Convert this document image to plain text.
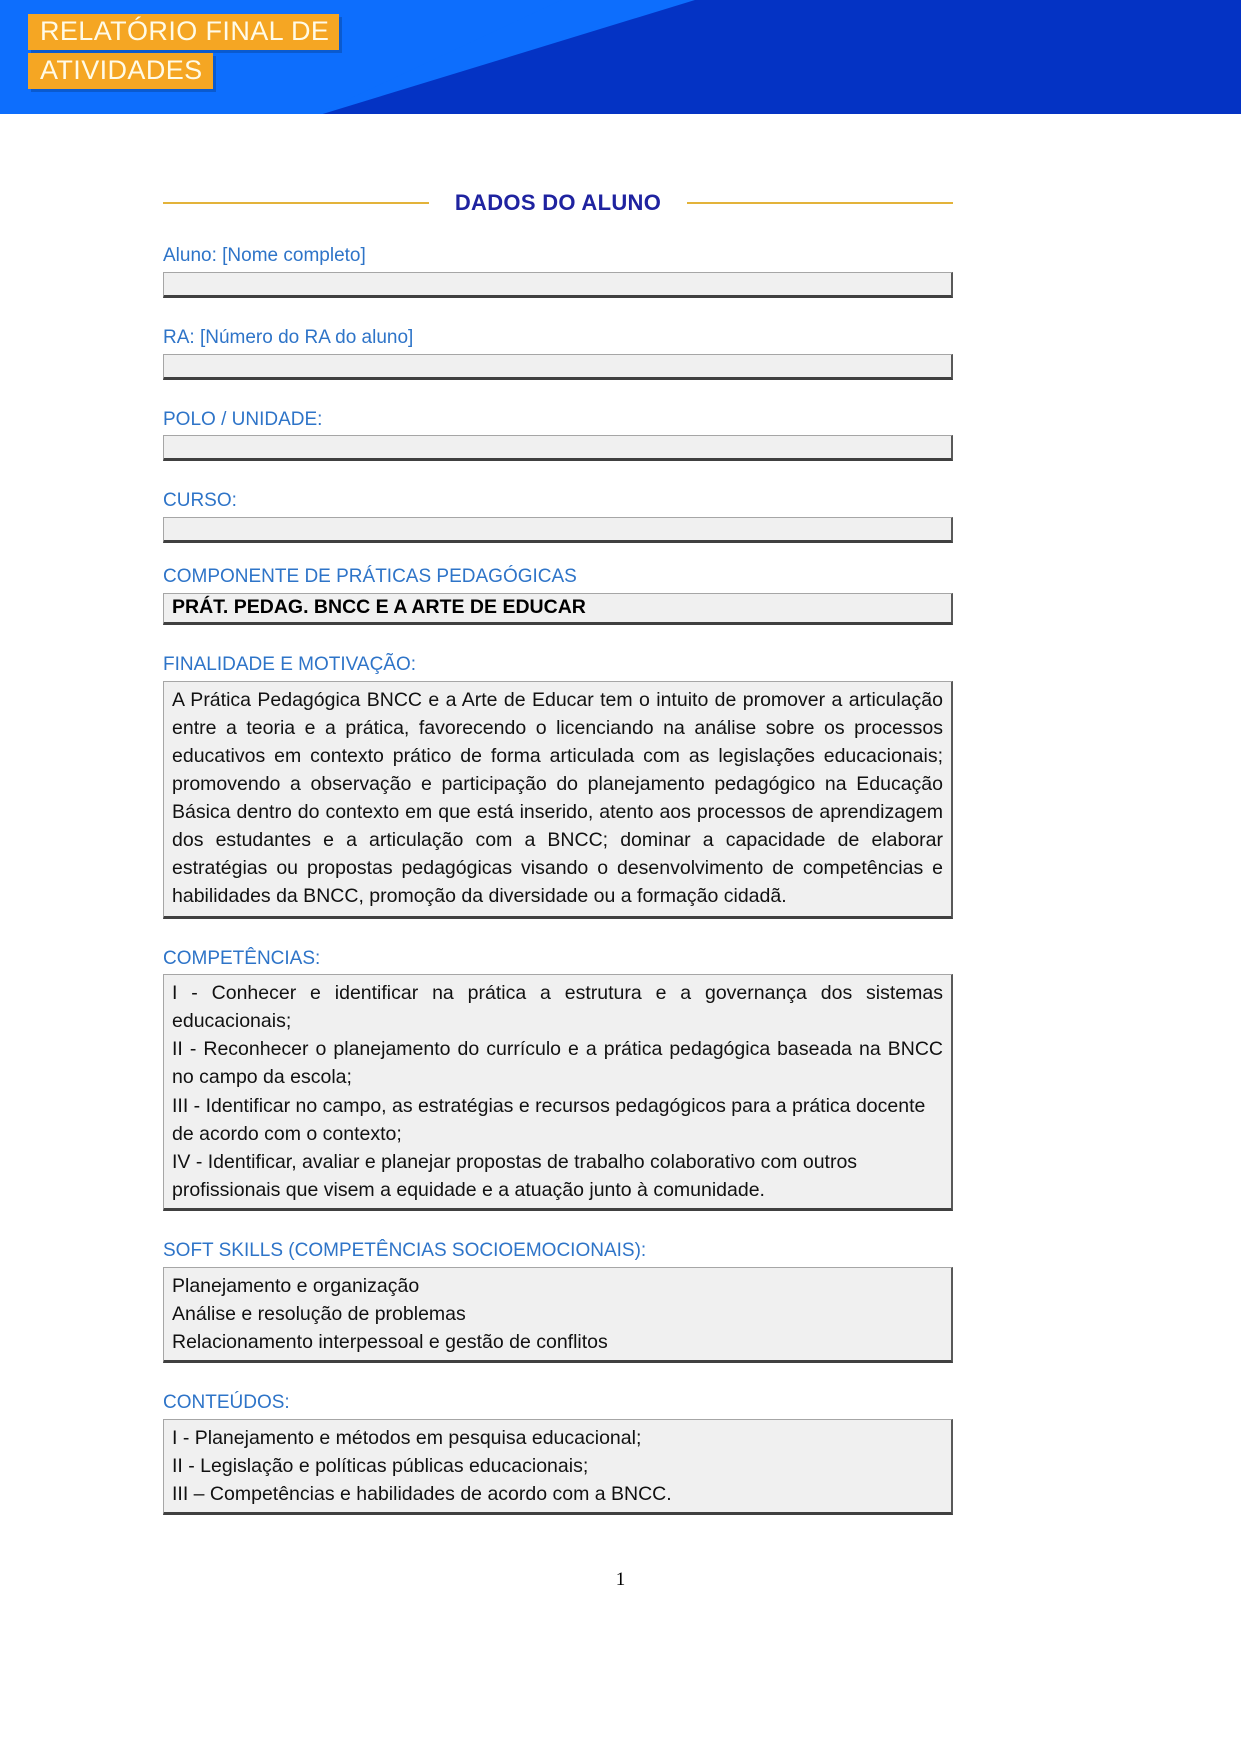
RELATÓRIO FINAL DE
ATIVIDADES
DADOS DO ALUNO
Aluno: [Nome completo]
RA: [Número do RA do aluno]
POLO / UNIDADE:
CURSO:
COMPONENTE DE PRÁTICAS PEDAGÓGICAS
PRÁT. PEDAG. BNCC E A ARTE DE EDUCAR
FINALIDADE E MOTIVAÇÃO:
A Prática Pedagógica BNCC e a Arte de Educar tem o intuito de promover a articulação entre a teoria e a prática, favorecendo o licenciando na análise sobre os processos educativos em contexto prático de forma articulada com as legislações educacionais; promovendo a observação e participação do planejamento pedagógico na Educação Básica dentro do contexto em que está inserido, atento aos processos de aprendizagem dos estudantes e a articulação com a BNCC; dominar a capacidade de elaborar estratégias ou propostas pedagógicas visando o desenvolvimento de competências e habilidades da BNCC, promoção da diversidade ou a formação cidadã.
COMPETÊNCIAS:
I - Conhecer e identificar na prática a estrutura e a governança dos sistemas educacionais;
II - Reconhecer o planejamento do currículo e a prática pedagógica baseada na BNCC no campo da escola;
III - Identificar no campo, as estratégias e recursos pedagógicos para a prática docente de acordo com o contexto;
IV - Identificar, avaliar e planejar propostas de trabalho colaborativo com outros profissionais que visem a equidade e a atuação junto à comunidade.
SOFT SKILLS (COMPETÊNCIAS SOCIOEMOCIONAIS):
Planejamento e organização
Análise e resolução de problemas
Relacionamento interpessoal e gestão de conflitos
CONTEÚDOS:
I - Planejamento e métodos em pesquisa educacional;
II - Legislação e políticas públicas educacionais;
III – Competências e habilidades de acordo com a BNCC.
1
